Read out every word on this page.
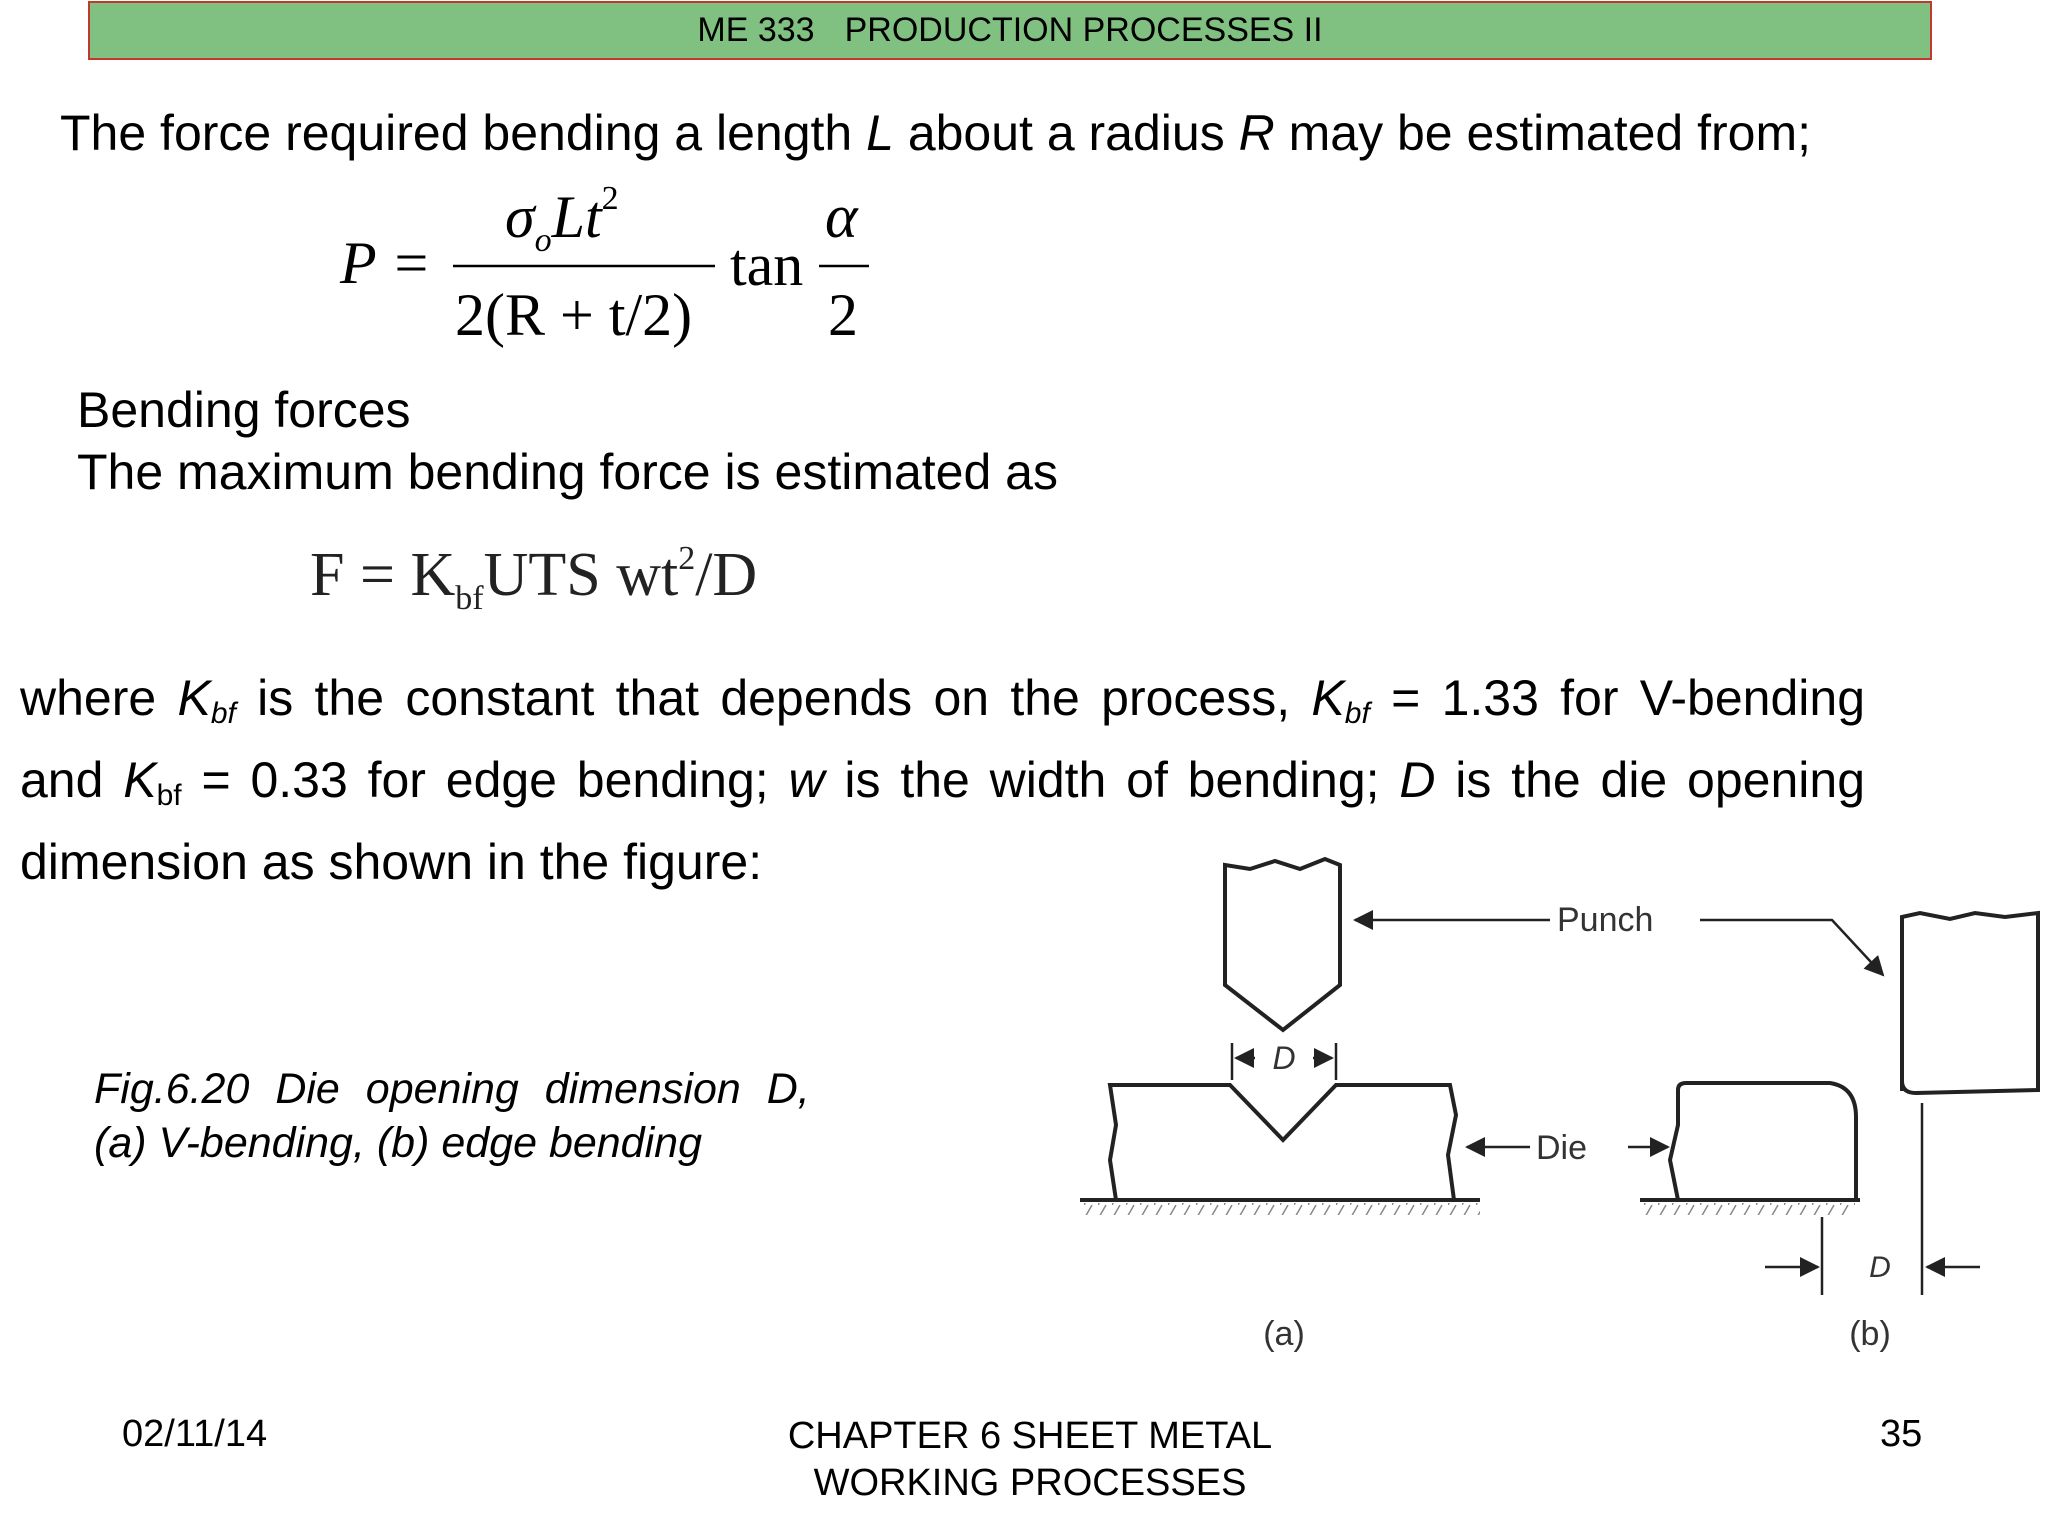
ME 333 PRODUCTION PROCESSES II
The force required bending a length L about a radius R may be estimated from;
P =
$\sigma_oLt^2$
2(R + t/2)
tan
α
2
Bending forces
The maximum bending force is estimated as
$F = K_{bf}UTS$ $wt^2/D$
where $K_{bf}$ is the constant that depends on the process, $K_{bf} = 1.33$ for V-bending
and $K_{bf} = 0.33$ for edge bending; w is the width of bending; D is the die opening
dimension as shown in the figure:
Fig.6.20 Die opening dimension D,
(a) V-bending, (b) edge bending
D
Punch
Die
D
(a)	(b)
02/11/14	CHAPTER 6 SHEET METAL
WORKING PROCESSES
35
